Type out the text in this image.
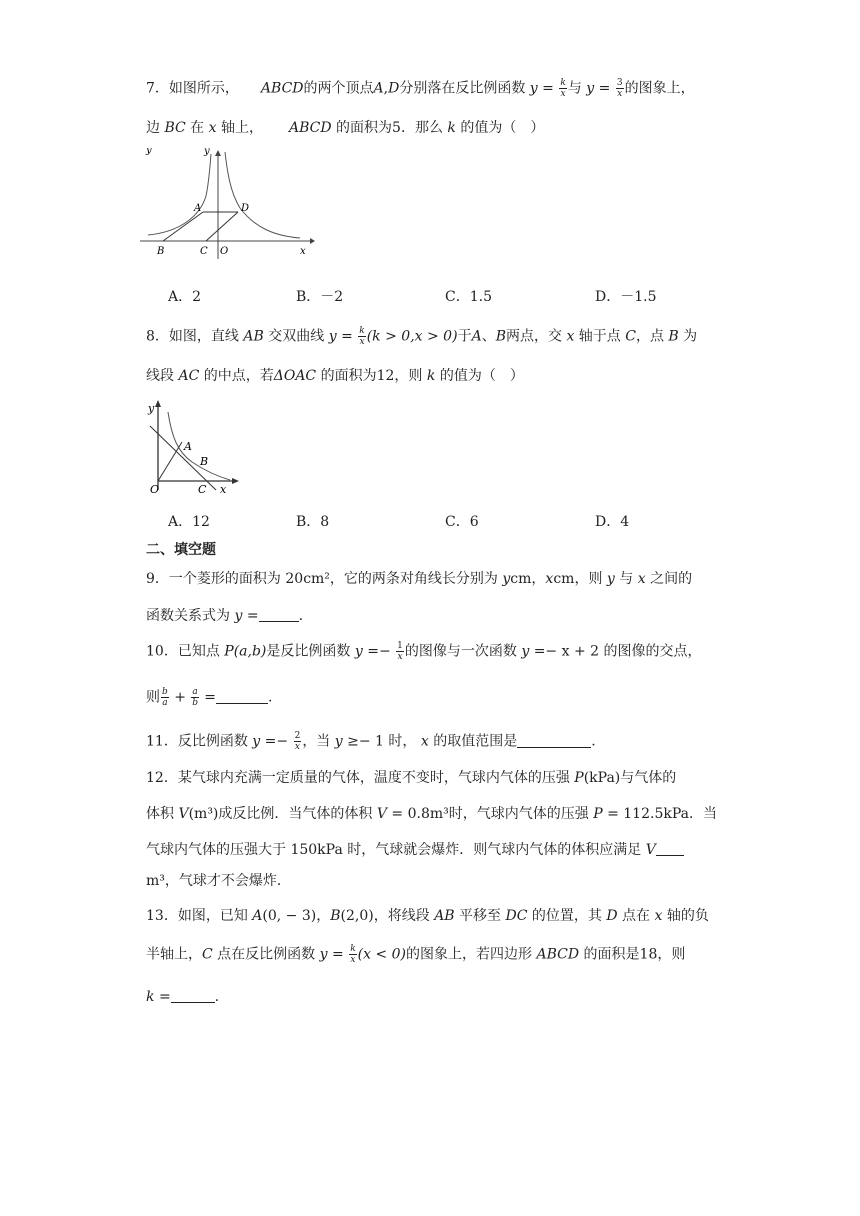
7．如图所示， ABCD的两个顶点A,D分别落在反比例函数 $y = \frac{k}{x}$ 与 $y = \frac{3}{x}$ 的图象上，
边 BC 在 x 轴上， ABCD 的面积为5．那么 k 的值为（　）
y	y
A	D
B	C O	x
A．2	B．－2	C．1.5	D．－1.5
8．如图，直线 AB 交双曲线 $y = \frac{k}{x} (k > 0,x > 0)$于A、B两点，交 x 轴于点 C，点 B 为
线段 AC 的中点，若ΔOAC 的面积为12，则 k 的值为（　）
y
A
B
O	C x
A．12	B．8	C．6	D．4
二、填空题
9．一个菱形的面积为 20cm²，它的两条对角线长分别为 ycm，xcm，则 y 与 x 之间的
函数关系式为 y =	.
10．已知点 P(a,b)是反比例函数 $y =- \frac{1}{x}$ 的图像与一次函数 y =− x + 2 的图像的交点，
则 $\frac{b}{a} + \frac{a}{b}$ =	.
11．反比例函数 $y =- \frac{2}{x}$ ，当 y ≥− 1 时， x 的取值范围是	.
12．某气球内充满一定质量的气体，温度不变时，气球内气体的压强 P(kPa)与气体的
体积 V(m³)成反比例．当气体的体积 V = 0.8m³时，气球内气体的压强 P = 112.5kPa．当
气球内气体的压强大于 150kPa 时，气球就会爆炸．则气球内气体的体积应满足 V
m³，气球才不会爆炸．
13．如图，已知 A(0, − 3)，B(2,0)，将线段 AB 平移至 DC 的位置，其 D 点在 x 轴的负
半轴上，C 点在反比例函数 $y = \frac{k}{x} (x < 0)$的图象上，若四边形 ABCD 的面积是18，则
k =	.
